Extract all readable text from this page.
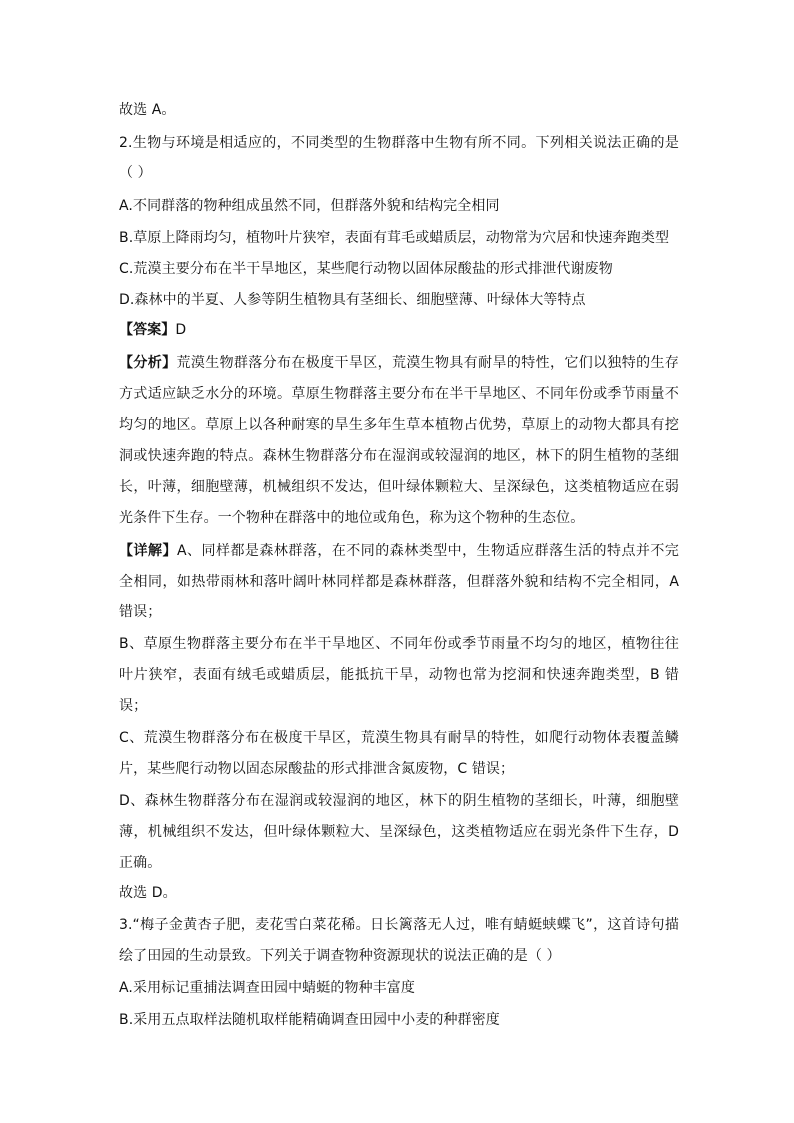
故选 A。
2.生物与环境是相适应的，不同类型的生物群落中生物有所不同。下列相关说法正确的是
（ ）
A.不同群落的物种组成虽然不同，但群落外貌和结构完全相同
B.草原上降雨均匀，植物叶片狭窄，表面有茸毛或蜡质层，动物常为穴居和快速奔跑类型
C.荒漠主要分布在半干旱地区，某些爬行动物以固体尿酸盐的形式排泄代谢废物
D.森林中的半夏、人参等阴生植物具有茎细长、细胞壁薄、叶绿体大等特点
【答案】D
【分析】荒漠生物群落分布在极度干旱区，荒漠生物具有耐旱的特性，它们以独特的生存
方式适应缺乏水分的环境。草原生物群落主要分布在半干旱地区、不同年份或季节雨量不
均匀的地区。草原上以各种耐寒的旱生多年生草本植物占优势，草原上的动物大都具有挖
洞或快速奔跑的特点。森林生物群落分布在湿润或较湿润的地区，林下的阴生植物的茎细
长，叶薄，细胞壁薄，机械组织不发达，但叶绿体颗粒大、呈深绿色，这类植物适应在弱
光条件下生存。一个物种在群落中的地位或角色，称为这个物种的生态位。
【详解】A、同样都是森林群落，在不同的森林类型中，生物适应群落生活的特点并不完
全相同，如热带雨林和落叶阔叶林同样都是森林群落，但群落外貌和结构不完全相同，A
错误；
B、草原生物群落主要分布在半干旱地区、不同年份或季节雨量不均匀的地区，植物往往
叶片狭窄，表面有绒毛或蜡质层，能抵抗干旱，动物也常为挖洞和快速奔跑类型，B 错
误；
C、荒漠生物群落分布在极度干旱区，荒漠生物具有耐旱的特性，如爬行动物体表覆盖鳞
片，某些爬行动物以固态尿酸盐的形式排泄含氮废物，C 错误；
D、森林生物群落分布在湿润或较湿润的地区，林下的阴生植物的茎细长，叶薄，细胞壁
薄，机械组织不发达，但叶绿体颗粒大、呈深绿色，这类植物适应在弱光条件下生存，D
正确。
故选 D。
3.“梅子金黄杏子肥，麦花雪白菜花稀。日长篱落无人过，唯有蜻蜓蛱蝶飞”，这首诗句描
绘了田园的生动景致。下列关于调查物种资源现状的说法正确的是（ ）
A.采用标记重捕法调查田园中蜻蜓的物种丰富度
B.采用五点取样法随机取样能精确调查田园中小麦的种群密度
